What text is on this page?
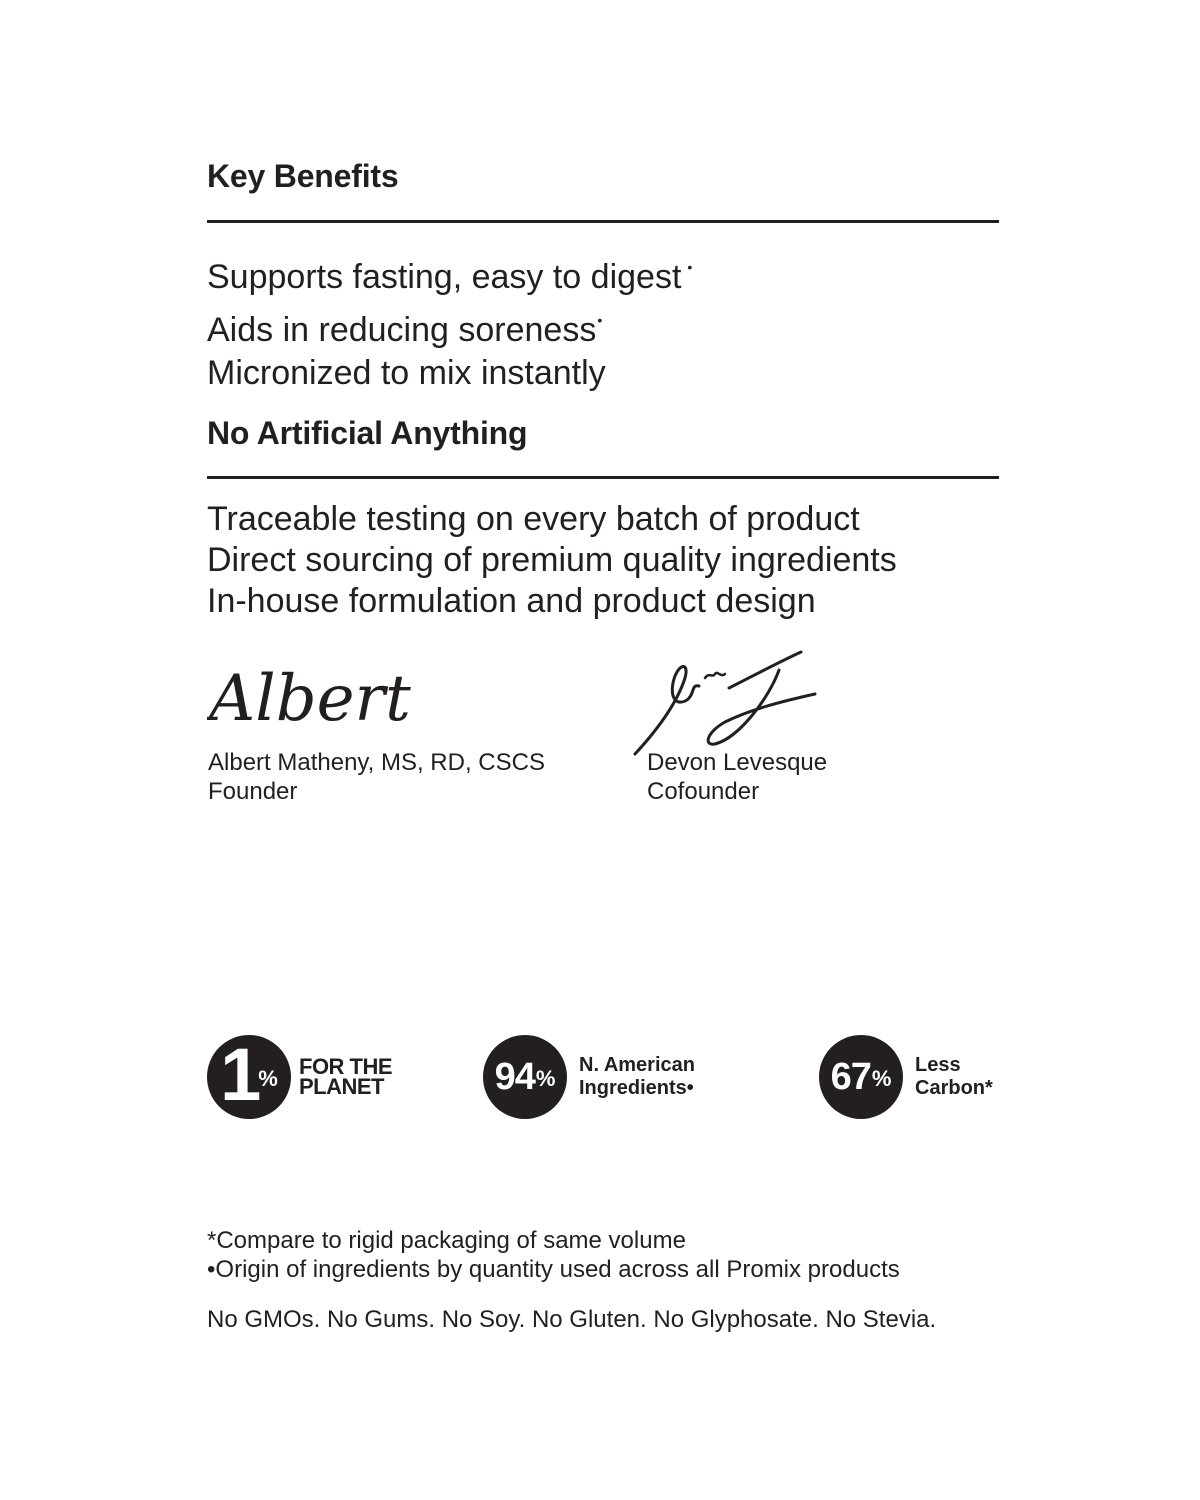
Key Benefits
Supports fasting, easy to digest •
Aids in reducing soreness•
Micronized to mix instantly
No Artificial Anything
Traceable testing on every batch of product
Direct sourcing of premium quality ingredients
In-house formulation and product design
Albert
Albert Matheny, MS, RD, CSCS
Founder
Devon Levesque
Cofounder
1 % FOR THE
PLANET	94 %
N. American
Ingredients•	67 %
Less
Carbon*
*Compare to rigid packaging of same volume
•Origin of ingredients by quantity used across all Promix products
No GMOs. No Gums. No Soy. No Gluten. No Glyphosate. No Stevia.
